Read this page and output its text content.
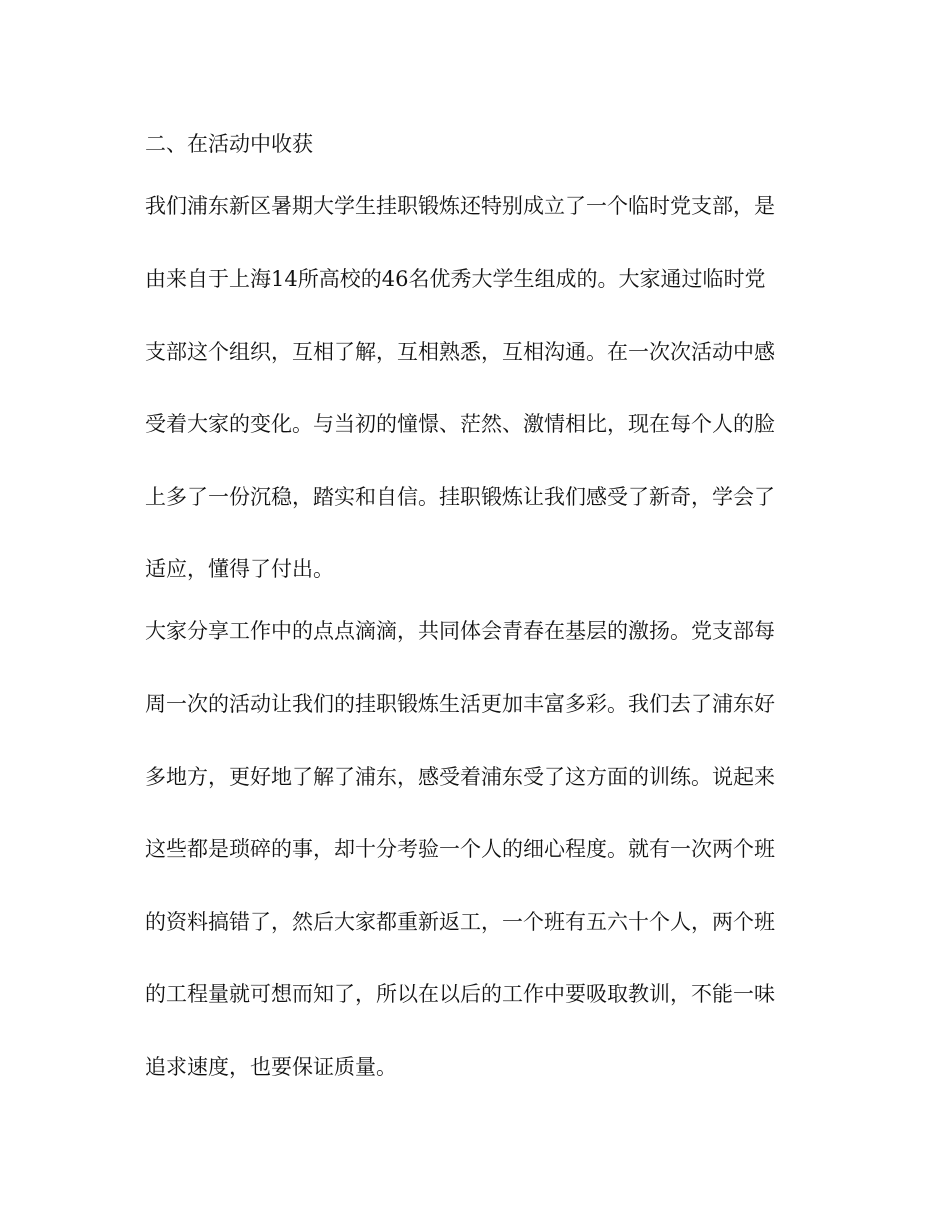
二、在活动中收获
我们浦东新区暑期大学生挂职锻炼还特别成立了一个临时党支部，是
由来自于上海14所高校的46名优秀大学生组成的。大家通过临时党
支部这个组织，互相了解，互相熟悉，互相沟通。在一次次活动中感
受着大家的变化。与当初的憧憬、茫然、激情相比，现在每个人的脸
上多了一份沉稳，踏实和自信。挂职锻炼让我们感受了新奇，学会了
适应，懂得了付出。
大家分享工作中的点点滴滴，共同体会青春在基层的激扬。党支部每
周一次的活动让我们的挂职锻炼生活更加丰富多彩。我们去了浦东好
多地方，更好地了解了浦东，感受着浦东受了这方面的训练。说起来
这些都是琐碎的事，却十分考验一个人的细心程度。就有一次两个班
的资料搞错了，然后大家都重新返工，一个班有五六十个人，两个班
的工程量就可想而知了，所以在以后的工作中要吸取教训，不能一味
追求速度，也要保证质量。
